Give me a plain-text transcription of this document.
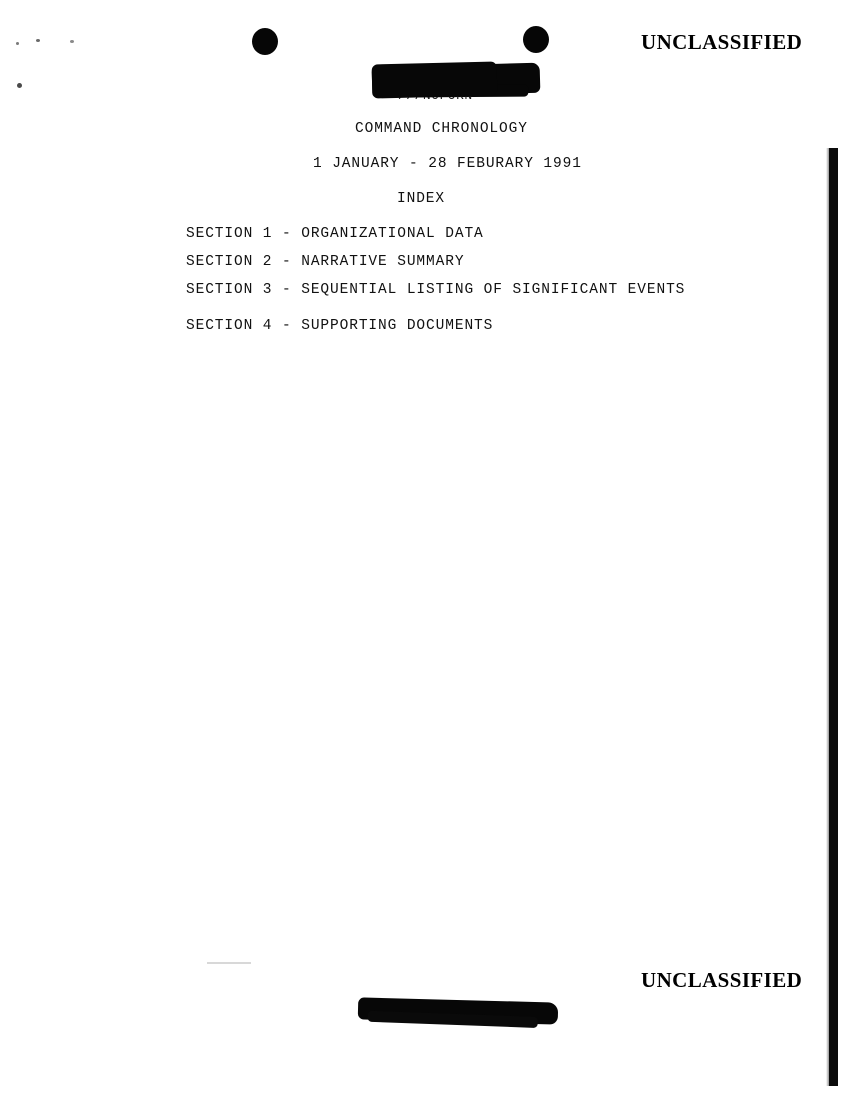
UNCLASSIFIED
COMMAND CHRONOLOGY
1 JANUARY - 28 FEBURARY 1991
INDEX
SECTION 1 - ORGANIZATIONAL DATA
SECTION 2 - NARRATIVE SUMMARY
SECTION 3 - SEQUENTIAL LISTING OF SIGNIFICANT EVENTS
SECTION 4 - SUPPORTING DOCUMENTS
UNCLASSIFIED
